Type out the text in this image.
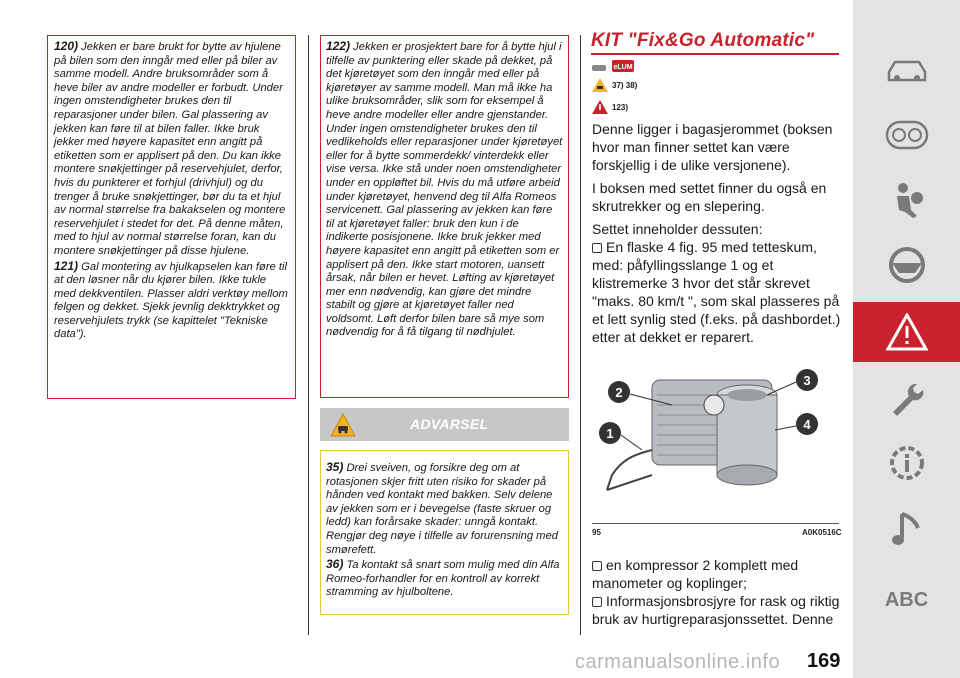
120) Jekken er bare brukt for bytte av hjulene på bilen som den inngår med eller på biler av samme modell. Andre bruksområder som å heve biler av andre modeller er forbudt. Under ingen omstendigheter brukes den til reparasjoner under bilen. Gal plassering av jekken kan føre til at bilen faller. Ikke bruk jekker med høyere kapasitet enn angitt på etiketten som er applisert på den. Du kan ikke montere snøkjettinger på reservehjulet, derfor, hvis du punkterer et forhjul (drivhjul) og du trenger å bruke snøkjettinger, bør du ta et hjul av normal størrelse fra bakakselen og montere reservehjulet i stedet for det. På denne måten, med to hjul av normal størrelse foran, kan du montere snøkjettinger på disse hjulene.

121) Gal montering av hjulkapselen kan føre til at den løsner når du kjører bilen. Ikke tukle med dekkventilen. Plasser aldri verktøy mellom felgen og dekket. Sjekk jevnlig dekktrykket og reservehjulets trykk (se kapittelet "Tekniske data").

122) Jekken er prosjektert bare for å bytte hjul i tilfelle av punktering eller skade på dekket, på det kjøretøyet som den inngår med eller på kjøretøyer av samme modell. Man må ikke ha ulike bruksområder, slik som for eksempel å heve andre modeller eller andre gjenstander. Under ingen omstendigheter brukes den til vedlikeholds eller reparasjoner under kjøretøyet eller for å bytte sommerdekk/ vinterdekk eller vise versa. Ikke stå under noen omstendigheter under en oppløftet bil. Hvis du må utføre arbeid under kjøretøyet, henvend deg til Alfa Romeos servicenett. Gal plassering av jekken kan føre til at kjøretøyet faller: bruk den kun i de indikerte posisjonene. Ikke bruk jekker med høyere kapasitet enn angitt på etiketten som er applisert på den. Ikke start motoren, uansett årsak, når bilen er hevet. Løfting av kjøretøyet mer enn nødvendig, kan gjøre det mindre stabilt og gjøre at kjøretøyet faller ned voldsomt. Løft derfor bilen bare så mye som nødvendig for å få tilgang til nødhjulet.

ADVARSEL

35) Drei sveiven, og forsikre deg om at rotasjonen skjer fritt uten risiko for skader på hånden ved kontakt med bakken. Selv delene av jekken som er i bevegelse (faste skruer og ledd) kan forårsake skader: unngå kontakt. Rengjør deg nøye i tilfelle av forurensning med smørefett.

36) Ta kontakt så snart som mulig med din Alfa Romeo-forhandler for en kontroll av korrekt stramming av hjulboltene.

KIT "Fix&Go Automatic"
eLUM
37) 38)
123)

Denne ligger i bagasjerommet (boksen hvor man finner settet kan være forskjellig i de ulike versjonene).

I boksen med settet finner du også en skrutrekker og en slepering.

Settet inneholder dessuten:

En flaske 4 fig. 95 med tetteskum, med: påfyllingsslange 1 og et klistremerke 3 hvor det står skrevet "maks. 80 km/t ", som skal plasseres på et lett synlig sted (f.eks. på dashbordet.) etter at dekket er reparert.

2
3
1
4
95	A0K0516C

en kompressor 2 komplett med manometer og koplinger;

Informasjonsbrosjyre for rask og riktig bruk av hurtigreparasjonssettet. Denne

ABC
169
carmanualsonline.info
